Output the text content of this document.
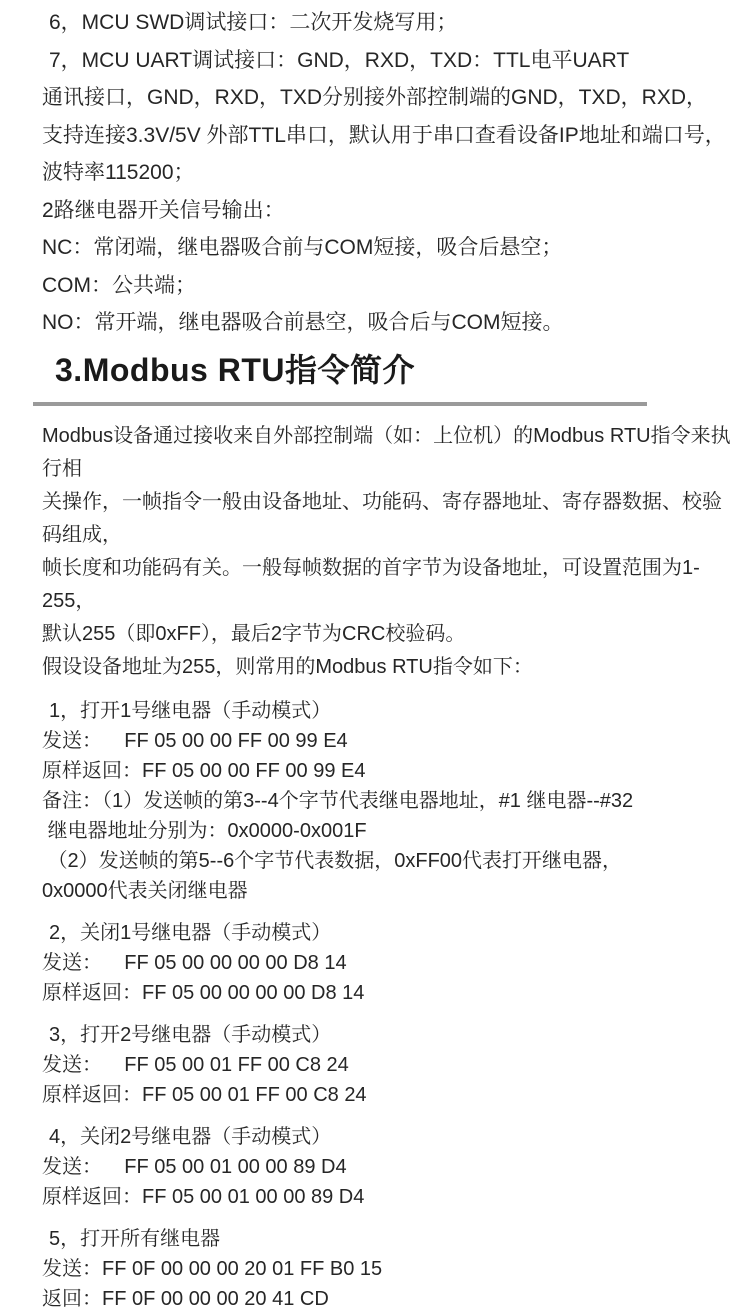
6，MCU SWD调试接口：二次开发烧写用；

7，MCU UART调试接口：GND，RXD，TXD：TTL电平UART

通讯接口，GND，RXD，TXD分别接外部控制端的GND，TXD，RXD，

支持连接3.3V/5V 外部TTL串口，默认用于串口查看设备IP地址和端口号，

波特率115200；

2路继电器开关信号输出：

NC：常闭端，继电器吸合前与COM短接，吸合后悬空；

COM：公共端；

NO：常开端，继电器吸合前悬空，吸合后与COM短接。

3.Modbus RTU指令简介

Modbus设备通过接收来自外部控制端（如：上位机）的Modbus RTU指令来执行相

关操作，一帧指令一般由设备地址、功能码、寄存器地址、寄存器数据、校验码组成，

帧长度和功能码有关。一般每帧数据的首字节为设备地址，可设置范围为1-255，

默认255（即0xFF），最后2字节为CRC校验码。

假设设备地址为255，则常用的Modbus RTU指令如下：

1，打开1号继电器（手动模式）

发送：    FF 05 00 00 FF 00 99 E4

原样返回：FF 05 00 00 FF 00 99 E4

备注：（1）发送帧的第3--4个字节代表继电器地址，#1 继电器--#32

继电器地址分别为：0x0000-0x001F

（2）发送帧的第5--6个字节代表数据，0xFF00代表打开继电器，

0x0000代表关闭继电器

2，关闭1号继电器（手动模式）

发送：    FF 05 00 00 00 00 D8 14

原样返回：FF 05 00 00 00 00 D8 14

3，打开2号继电器（手动模式）

发送：    FF 05 00 01 FF 00 C8 24

原样返回：FF 05 00 01 FF 00 C8 24

4，关闭2号继电器（手动模式）

发送：    FF 05 00 01 00 00 89 D4

原样返回：FF 05 00 01 00 00 89 D4

5，打开所有继电器

发送：FF 0F 00 00 00 20 01 FF B0 15

返回：FF 0F 00 00 00 20 41 CD
